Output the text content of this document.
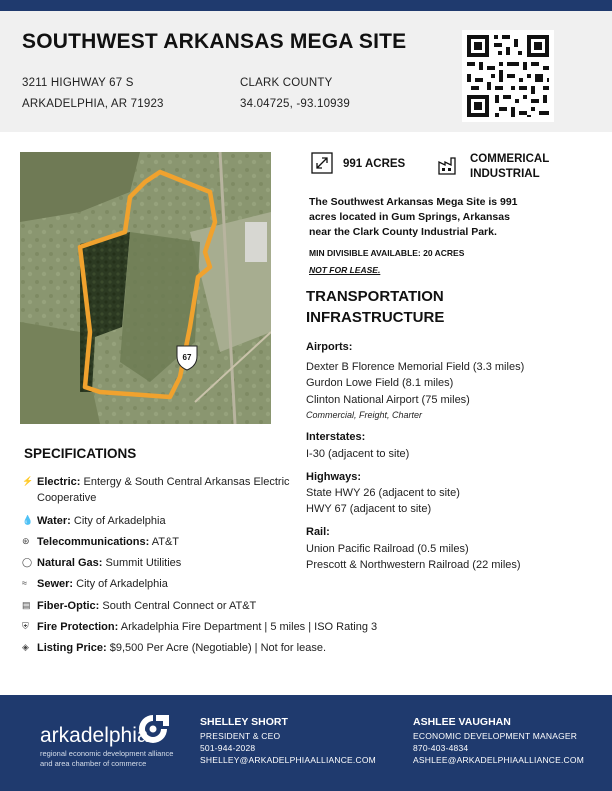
SOUTHWEST ARKANSAS MEGA SITE
3211 HIGHWAY 67 S
ARKADELPHIA, AR 71923
CLARK COUNTY
34.04725, -93.10939
67
991 ACRES	COMMERICAL
INDUSTRIAL
The Southwest Arkansas Mega Site is 991 acres located in Gum Springs, Arkansas near the Clark County Industrial Park.
MIN DIVISIBLE AVAILABLE: 20 ACRES
NOT FOR LEASE.
TRANSPORTATION
INFRASTRUCTURE
Airports:
Dexter B Florence Memorial Field (3.3 miles)
Gurdon Lowe Field (8.1 miles)
Clinton National Airport (75 miles)
Commercial, Freight, Charter
Interstates:
I-30 (adjacent to site)
Highways:
State HWY 26 (adjacent to site)
HWY 67 (adjacent to site)
Rail:
Union Pacific Railroad (0.5 miles)
Prescott & Northwestern Railroad (22 miles)
SPECIFICATIONS
⚡ Electric: Entergy & South Central Arkansas Electric Cooperative
💧 Water: City of Arkadelphia
⊛ Telecommunications: AT&T
◯ Natural Gas: Summit Utilities
≈ Sewer: City of Arkadelphia
▤ Fiber-Optic: South Central Connect or AT&T
⛨ Fire Protection: Arkadelphia Fire Department | 5 miles | ISO Rating 3
◈ Listing Price: $9,500 Per Acre (Negotiable) | Not for lease.
arkadelphia
regional economic development alliance
and area chamber of commerce
SHELLEY SHORT
PRESIDENT & CEO
501-944-2028
SHELLEY@ARKADELPHIAALLIANCE.COM
ASHLEE VAUGHAN
ECONOMIC DEVELOPMENT MANAGER
870-403-4834
ASHLEE@ARKADELPHIAALLIANCE.COM
